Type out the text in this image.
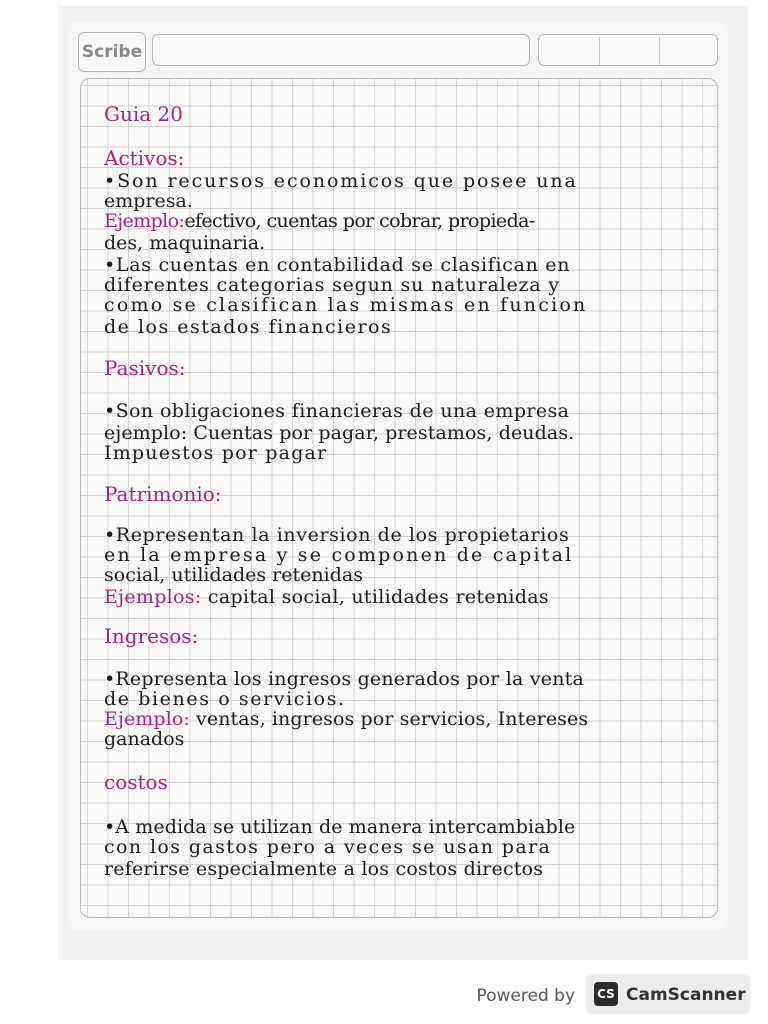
Scribe
Guia 20
Activos:
•Son recursos economicos que posee una
empresa.
Ejemplo:efectivo, cuentas por cobrar, propieda-
des, maquinaria.
•Las cuentas en contabilidad se clasifican en
diferentes categorias segun su naturaleza y
como se clasifican las mismas en funcion
de los estados financieros
Pasivos:
•Son obligaciones financieras de una empresa
ejemplo: Cuentas por pagar, prestamos, deudas.
Impuestos por pagar
Patrimonio:
•Representan la inversion de los propietarios
en la empresa y se componen de capital
social, utilidades retenidas
Ejemplos: capital social, utilidades retenidas
Ingresos:
•Representa los ingresos generados por la venta
de bienes o servicios.
Ejemplo: ventas, ingresos por servicios, Intereses
ganados
costos
•A medida se utilizan de manera intercambiable
con los gastos pero a veces se usan para
referirse especialmente a los costos directos
Powered by CS CamScanner
